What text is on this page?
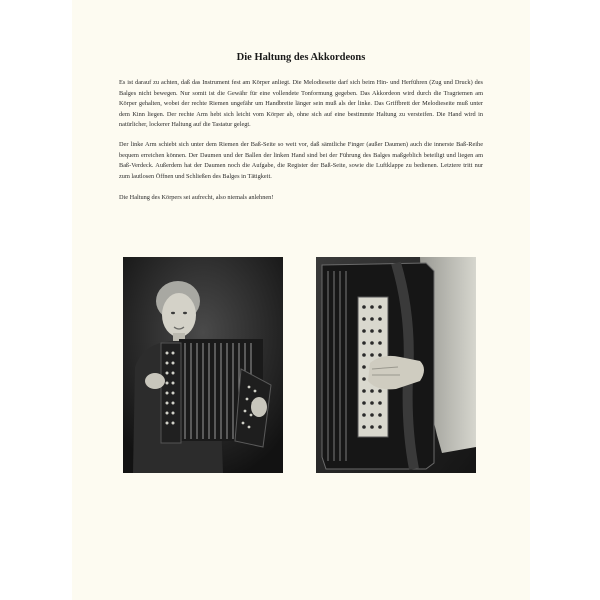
Die Haltung des Akkordeons

Es ist darauf zu achten, daß das Instrument fest am Körper anliegt. Die Melodieseite darf sich beim Hin- und Herführen (Zug und Druck) des Balges nicht bewegen. Nur somit ist die Gewähr für eine vollendete Tonformung gegeben. Das Akkordeon wird durch die Tragriemen am Körper gehalten, wobei der rechte Riemen ungefähr um Handbreite länger sein muß als der linke. Das Griffbrett der Melodieseite muß unter dem Kinn liegen. Der rechte Arm hebt sich leicht vom Körper ab, ohne sich auf eine bestimmte Haltung zu versteifen. Die Hand wird in natürlicher, lockerer Haltung auf die Tastatur gelegt.

Der linke Arm schiebt sich unter dem Riemen der Baß-Seite so weit vor, daß sämtliche Finger (außer Daumen) auch die innerste Baß-Reihe bequem erreichen können. Der Daumen und der Ballen der linken Hand sind bei der Führung des Balges maßgeblich beteiligt und liegen am Baß-Verdeck. Außerdem hat der Daumen noch die Aufgabe, die Register der Baß-Seite, sowie die Luftklappe zu bedienen. Letztere tritt nur zum lautlosen Öffnen und Schließen des Balges in Tätigkeit.

Die Haltung des Körpers sei aufrecht, also niemals anlehnen!
